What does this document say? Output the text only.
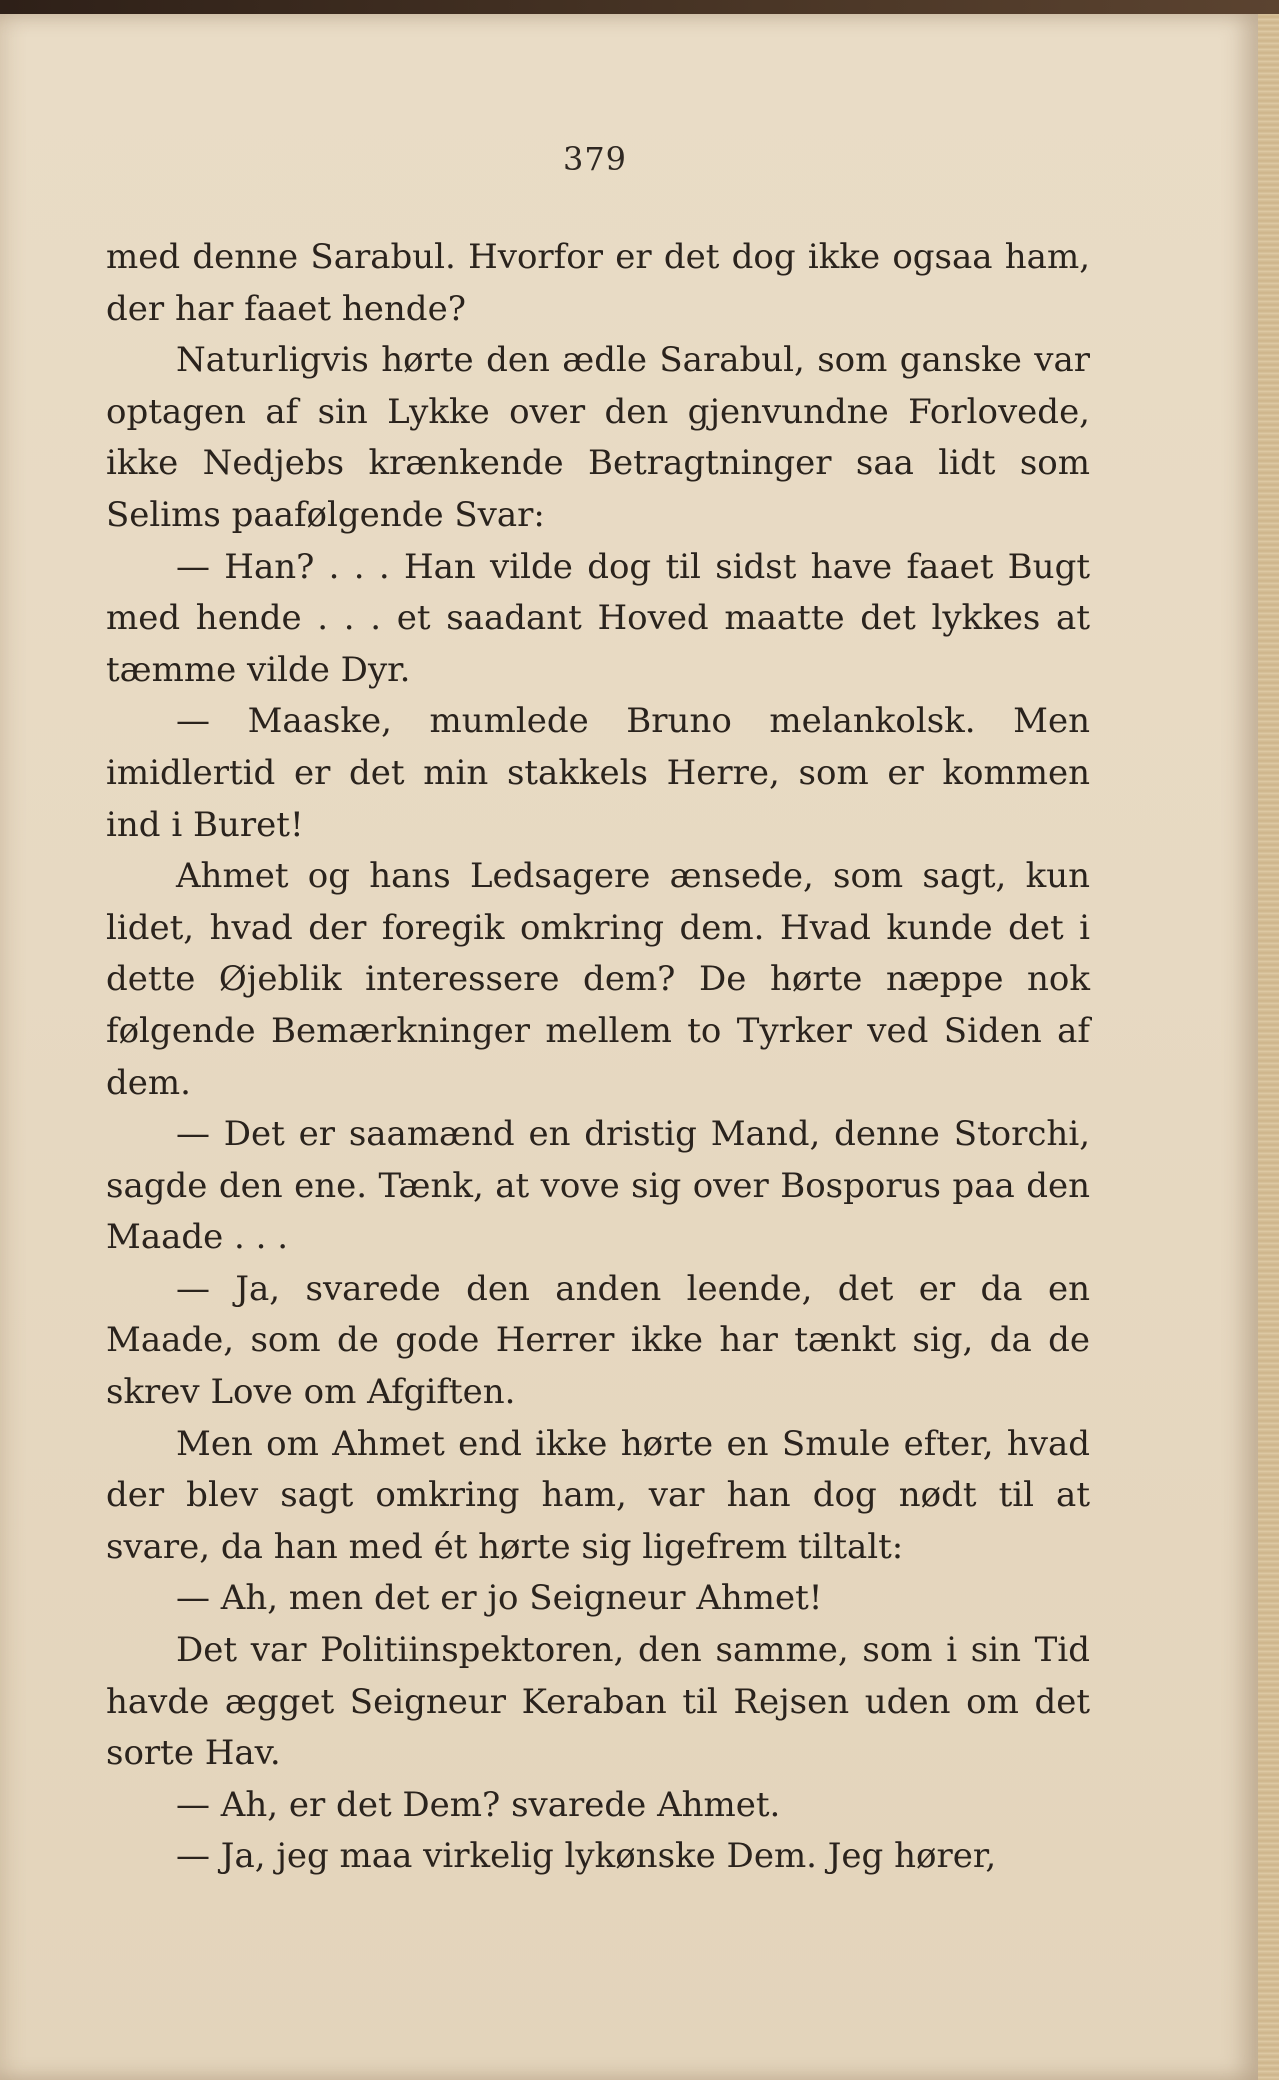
379

med denne Sarabul. Hvorfor er det dog ikke ogsaa ham, der har faaet hende?

Naturligvis hørte den ædle Sarabul, som ganske var optagen af sin Lykke over den gjenvundne Forlovede, ikke Nedjebs krænkende Betragtninger saa lidt som Selims paafølgende Svar:

— Han? . . . Han vilde dog til sidst have faaet Bugt med hende . . . et saadant Hoved maatte det lykkes at tæmme vilde Dyr.

— Maaske, mumlede Bruno melankolsk. Men imidlertid er det min stakkels Herre, som er kommen ind i Buret!

Ahmet og hans Ledsagere ænsede, som sagt, kun lidet, hvad der foregik omkring dem. Hvad kunde det i dette Øjeblik interessere dem? De hørte næppe nok følgende Bemærkninger mellem to Tyrker ved Siden af dem.

— Det er saamænd en dristig Mand, denne Storchi, sagde den ene. Tænk, at vove sig over Bosporus paa den Maade . . .

— Ja, svarede den anden leende, det er da en Maade, som de gode Herrer ikke har tænkt sig, da de skrev Love om Afgiften.

Men om Ahmet end ikke hørte en Smule efter, hvad der blev sagt omkring ham, var han dog nødt til at svare, da han med ét hørte sig ligefrem tiltalt:

— Ah, men det er jo Seigneur Ahmet!

Det var Politiinspektoren, den samme, som i sin Tid havde ægget Seigneur Keraban til Rejsen uden om det sorte Hav.

— Ah, er det Dem? svarede Ahmet.

— Ja, jeg maa virkelig lykønske Dem. Jeg hører,
